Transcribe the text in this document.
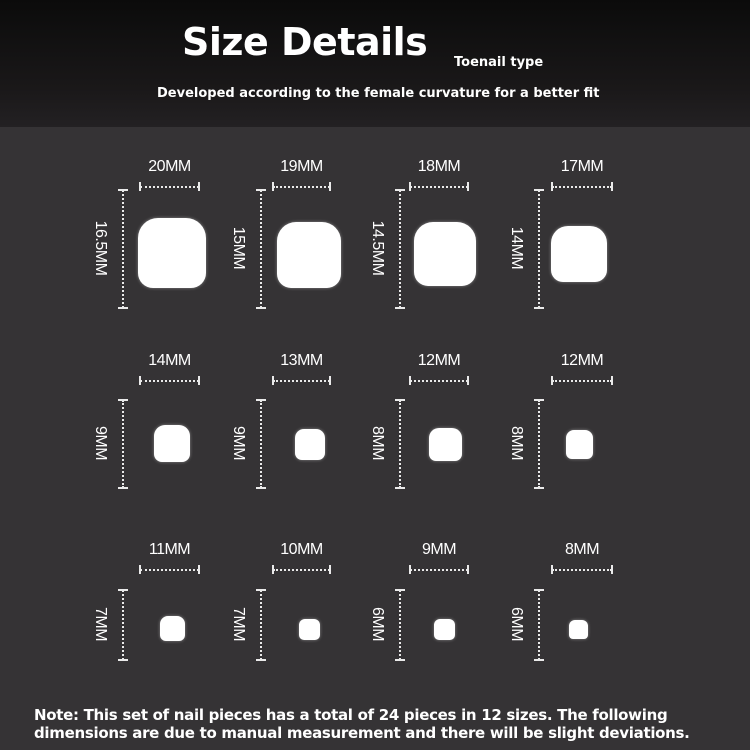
Size Details Toenail type
Developed according to the female curvature for a better fit
20MM
16.5MM
19MM
15MM
18MM
14.5MM
17MM
14MM
14MM
9MM
13MM
9MM
12MM
8MM
12MM
8MM
11MM
7MM
10MM
7MM
9MM
6MM
8MM
6MM
Note: This set of nail pieces has a total of 24 pieces in 12 sizes. The following
dimensions are due to manual measurement and there will be slight deviations.
